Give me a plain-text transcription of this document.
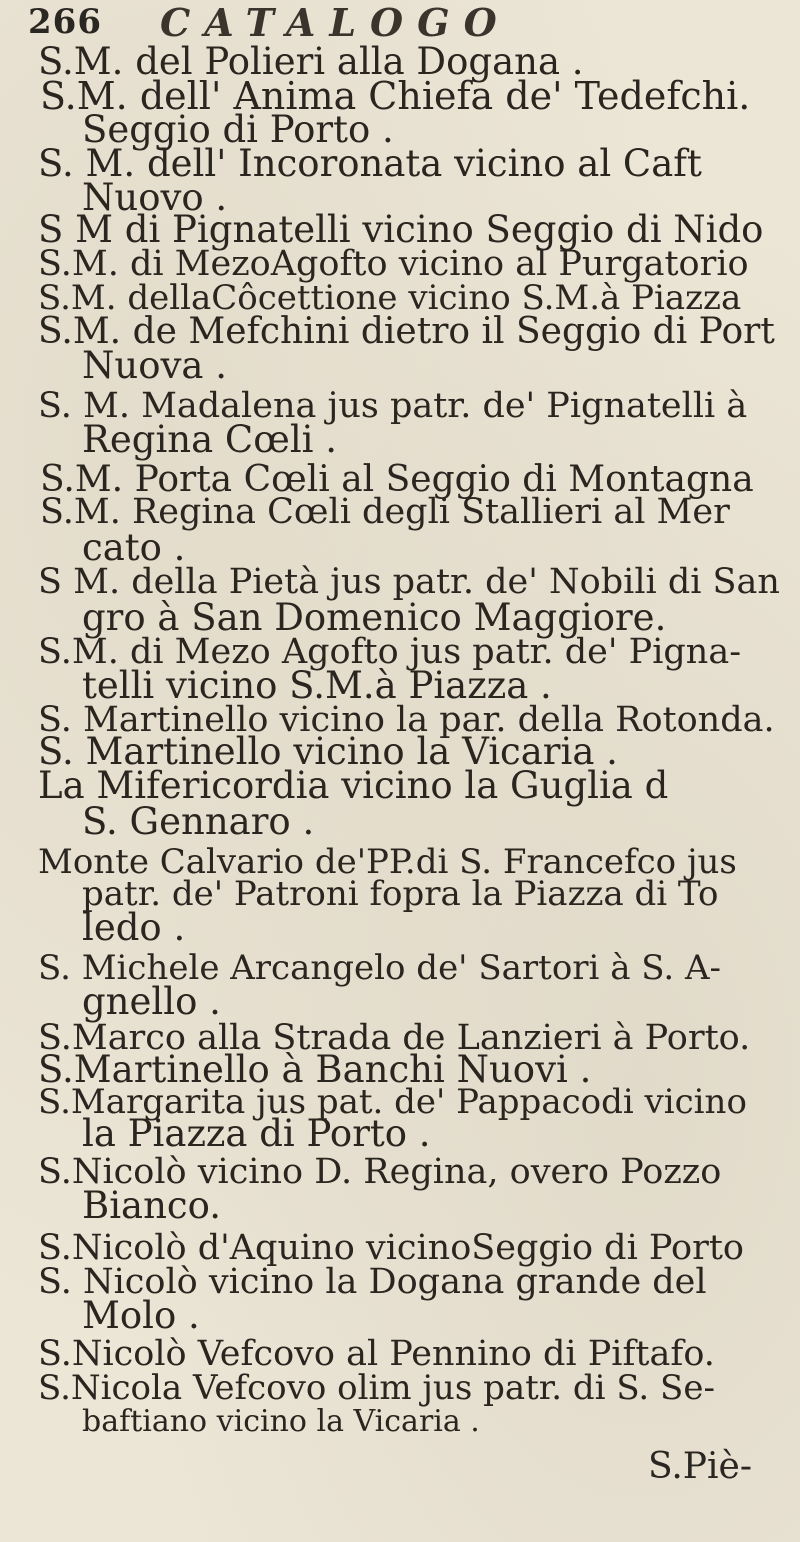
266 CATALOGO
S.M. del Polieri alla Dogana .
S.M. dell' Anima Chiefa de' Tedefchi.
Seggio di Porto .
S. M. dell' Incoronata vicino al Caft
Nuovo .
S M di Pignatelli vicino Seggio di Nido
S.M. di MezoAgofto vicino al Purgatorio
S.M. dellaCôcettione vicino S.M.à Piazza
S.M. de Mefchini dietro il Seggio di Port
Nuova .
S. M. Madalena jus patr. de' Pignatelli à
Regina Cœli .
S.M. Porta Cœli al Seggio di Montagna
S.M. Regina Cœli degli Stallieri al Mer
cato .
S M. della Pietà jus patr. de' Nobili di San
gro à San Domenico Maggiore.
S.M. di Mezo Agofto jus patr. de' Pigna-
telli vicino S.M.à Piazza .
S. Martinello vicino la par. della Rotonda.
S. Martinello vicino la Vicaria .
La Mifericordia vicino la Guglia d
S. Gennaro .
Monte Calvario de'PP.di S. Francefco jus
patr. de' Patroni fopra la Piazza di To
ledo .
S. Michele Arcangelo de' Sartori à S. A-
gnello .
S.Marco alla Strada de Lanzieri à Porto.
S.Martinello à Banchi Nuovi .
S.Margarita jus pat. de' Pappacodi vicino
la Piazza di Porto .
S.Nicolò vicino D. Regina, overo Pozzo
Bianco.
S.Nicolò d'Aquino vicinoSeggio di Porto
S. Nicolò vicino la Dogana grande del
Molo .
S.Nicolò Vefcovo al Pennino di Piftafo.
S.Nicola Vefcovo olim jus patr. di S. Se-
baftiano vicino la Vicaria .
S.Piè-
